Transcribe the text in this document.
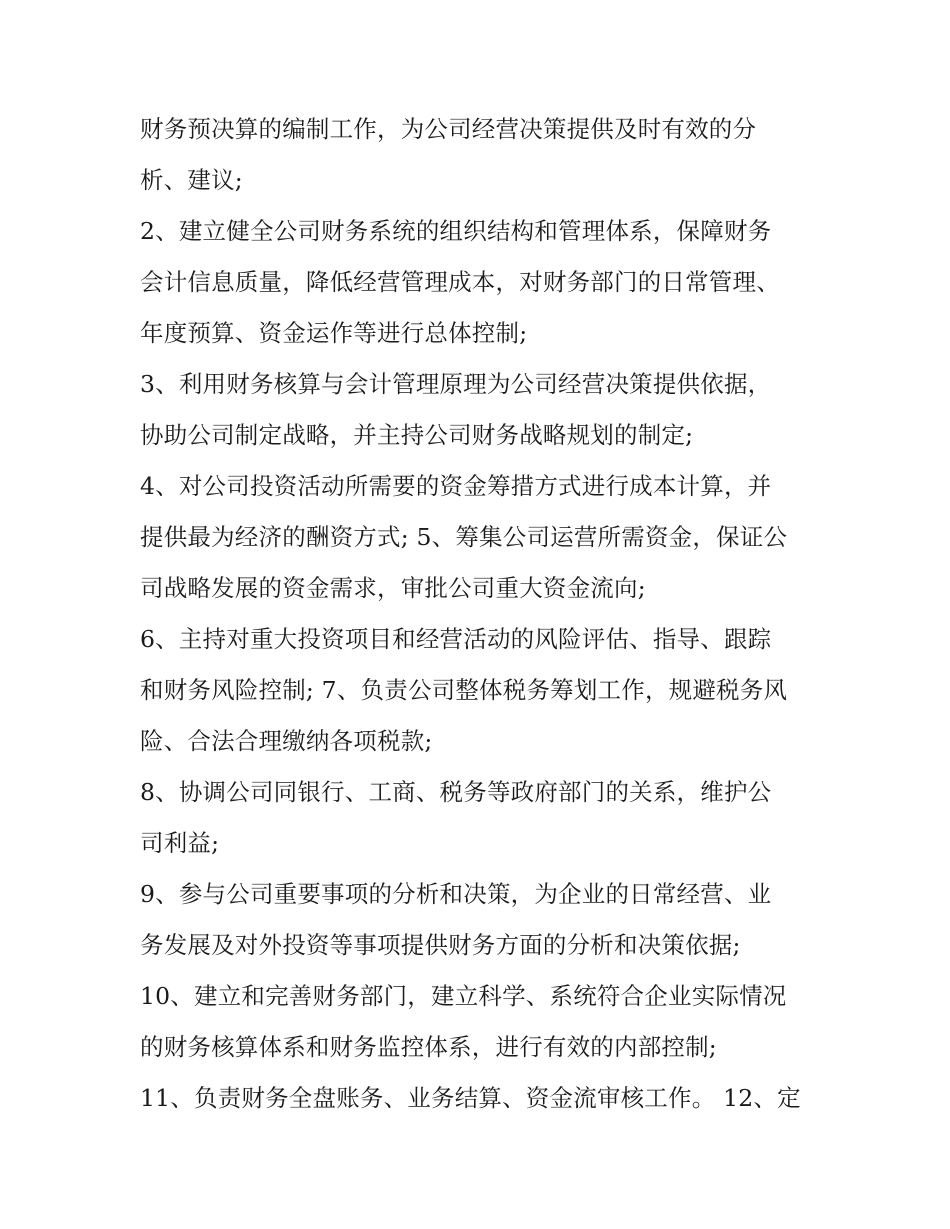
财务预决算的编制工作，为公司经营决策提供及时有效的分
析、建议;
2、建立健全公司财务系统的组织结构和管理体系，保障财务
会计信息质量，降低经营管理成本，对财务部门的日常管理、
年度预算、资金运作等进行总体控制;
3、利用财务核算与会计管理原理为公司经营决策提供依据，
协助公司制定战略，并主持公司财务战略规划的制定;
4、对公司投资活动所需要的资金筹措方式进行成本计算，并
提供最为经济的酬资方式; 5、筹集公司运营所需资金，保证公
司战略发展的资金需求，审批公司重大资金流向;
6、主持对重大投资项目和经营活动的风险评估、指导、跟踪
和财务风险控制; 7、负责公司整体税务筹划工作，规避税务风
险、合法合理缴纳各项税款;
8、协调公司同银行、工商、税务等政府部门的关系，维护公
司利益;
9、参与公司重要事项的分析和决策，为企业的日常经营、业
务发展及对外投资等事项提供财务方面的分析和决策依据;
10、建立和完善财务部门，建立科学、系统符合企业实际情况
的财务核算体系和财务监控体系，进行有效的内部控制;
11、负责财务全盘账务、业务结算、资金流审核工作。 12、定
